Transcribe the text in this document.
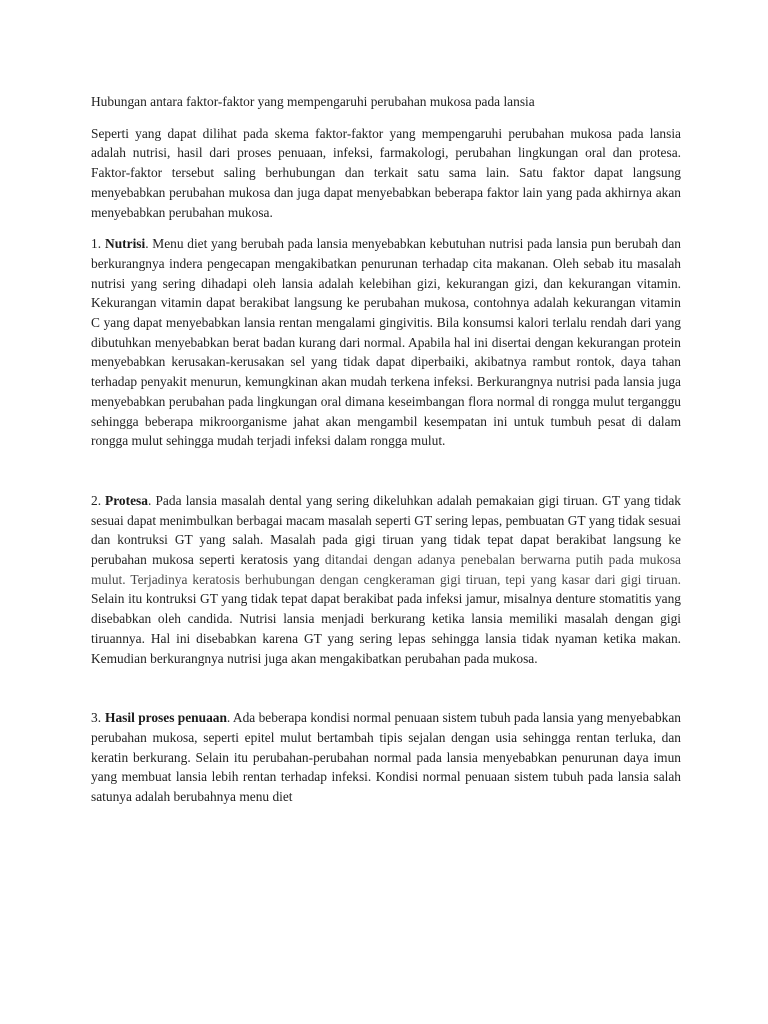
Hubungan antara faktor-faktor yang mempengaruhi perubahan mukosa pada lansia

Seperti yang dapat dilihat pada skema faktor-faktor yang mempengaruhi perubahan mukosa pada lansia adalah nutrisi, hasil dari proses penuaan, infeksi, farmakologi, perubahan lingkungan oral dan protesa. Faktor-faktor tersebut saling berhubungan dan terkait satu sama lain. Satu faktor dapat langsung menyebabkan perubahan mukosa dan juga dapat menyebabkan beberapa faktor lain yang pada akhirnya akan menyebabkan perubahan mukosa.

1. Nutrisi. Menu diet yang berubah pada lansia menyebabkan kebutuhan nutrisi pada lansia pun berubah dan berkurangnya indera pengecapan mengakibatkan penurunan terhadap cita makanan. Oleh sebab itu masalah nutrisi yang sering dihadapi oleh lansia adalah kelebihan gizi, kekurangan gizi, dan kekurangan vitamin. Kekurangan vitamin dapat berakibat langsung ke perubahan mukosa, contohnya adalah kekurangan vitamin C yang dapat menyebabkan lansia rentan mengalami gingivitis. Bila konsumsi kalori terlalu rendah dari yang dibutuhkan menyebabkan berat badan kurang dari normal. Apabila hal ini disertai dengan kekurangan protein menyebabkan kerusakan-kerusakan sel yang tidak dapat diperbaiki, akibatnya rambut rontok, daya tahan terhadap penyakit menurun, kemungkinan akan mudah terkena infeksi. Berkurangnya nutrisi pada lansia juga menyebabkan perubahan pada lingkungan oral dimana keseimbangan flora normal di rongga mulut terganggu sehingga beberapa mikroorganisme jahat akan mengambil kesempatan ini untuk tumbuh pesat di dalam rongga mulut sehingga mudah terjadi infeksi dalam rongga mulut.

2. Protesa. Pada lansia masalah dental yang sering dikeluhkan adalah pemakaian gigi tiruan. GT yang tidak sesuai dapat menimbulkan berbagai macam masalah seperti GT sering lepas, pembuatan GT yang tidak sesuai dan kontruksi GT yang salah. Masalah pada gigi tiruan yang tidak tepat dapat berakibat langsung ke perubahan mukosa seperti keratosis yang ditandai dengan adanya penebalan berwarna putih pada mukosa mulut. Terjadinya keratosis berhubungan dengan cengkeraman gigi tiruan, tepi yang kasar dari gigi tiruan. Selain itu kontruksi GT yang tidak tepat dapat berakibat pada infeksi jamur, misalnya denture stomatitis yang disebabkan oleh candida. Nutrisi lansia menjadi berkurang ketika lansia memiliki masalah dengan gigi tiruannya. Hal ini disebabkan karena GT yang sering lepas sehingga lansia tidak nyaman ketika makan. Kemudian berkurangnya nutrisi juga akan mengakibatkan perubahan pada mukosa.

3. Hasil proses penuaan. Ada beberapa kondisi normal penuaan sistem tubuh pada lansia yang menyebabkan perubahan mukosa, seperti epitel mulut bertambah tipis sejalan dengan usia sehingga rentan terluka, dan keratin berkurang. Selain itu perubahan-perubahan normal pada lansia menyebabkan penurunan daya imun yang membuat lansia lebih rentan terhadap infeksi. Kondisi normal penuaan sistem tubuh pada lansia salah satunya adalah berubahnya menu diet
